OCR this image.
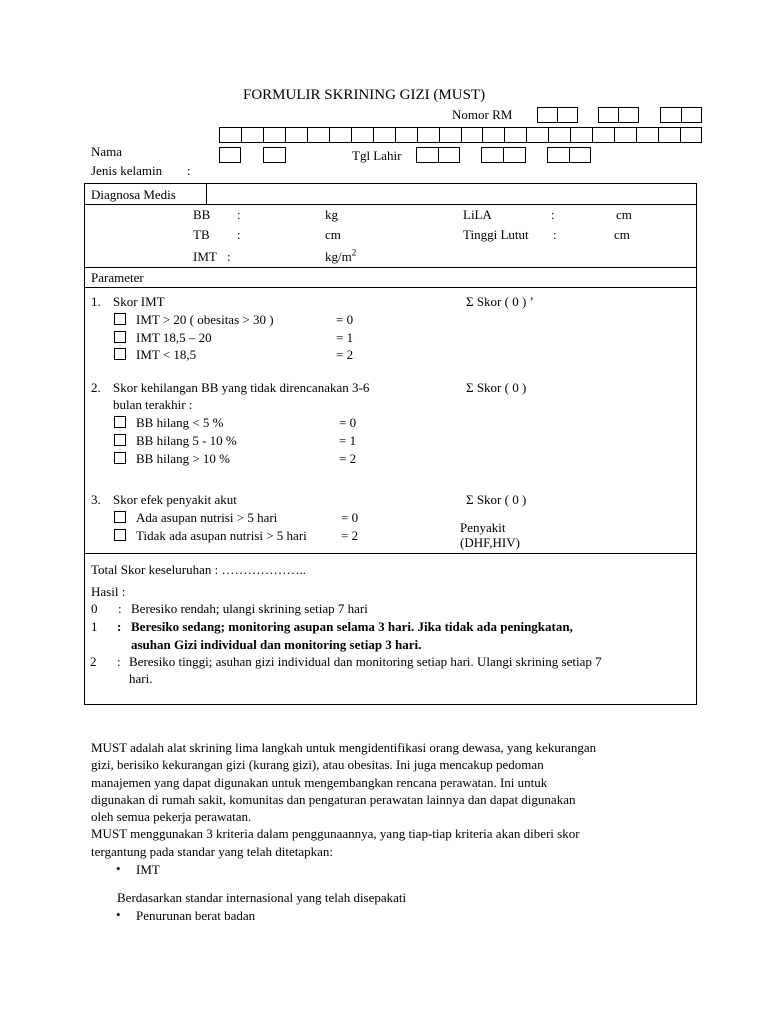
FORMULIR SKRINING GIZI (MUST)
Nomor RM
Nama
Jenis kelamin :
Tgl Lahir
Diagnosa Medis
BB :	kg	LiLA	:	cm
TB :	cm	Tinggi Lutut :	cm
IMT :	$kg/m^2$
Parameter
1. Skor IMT	Σ Skor ( 0 ) ’
IMT > 20 ( obesitas > 30 )	= 0
IMT 18,5 – 20	= 1
IMT < 18,5	= 2
2. Skor kehilangan BB yang tidak direncanakan 3-6
bulan terakhir :
Σ Skor ( 0 )
BB hilang < 5 %	= 0
BB hilang 5 - 10 %	= 1
BB hilang > 10 %	= 2
3. Skor efek penyakit akut	Σ Skor ( 0 )
Penyakit
(DHF,HIV)
Ada asupan nutrisi > 5 hari	= 0
Tidak ada asupan nutrisi > 5 hari	= 2
Total Skor keseluruhan : ………………..
Hasil :
0 : Beresiko rendah; ulangi skrining setiap 7 hari
1 : Beresiko sedang; monitoring asupan selama 3 hari. Jika tidak ada peningkatan,
asuhan Gizi individual dan monitoring setiap 3 hari.
2 : Beresiko tinggi; asuhan gizi individual dan monitoring setiap hari. Ulangi skrining setiap 7
hari.
MUST adalah alat skrining lima langkah untuk mengidentifikasi orang dewasa, yang kekurangan
gizi, berisiko kekurangan gizi (kurang gizi), atau obesitas. Ini juga mencakup pedoman
manajemen yang dapat digunakan untuk mengembangkan rencana perawatan. Ini untuk
digunakan di rumah sakit, komunitas dan pengaturan perawatan lainnya dan dapat digunakan
oleh semua pekerja perawatan.
MUST menggunakan 3 kriteria dalam penggunaannya, yang tiap-tiap kriteria akan diberi skor
tergantung pada standar yang telah ditetapkan:
• IMT
Berdasarkan standar internasional yang telah disepakati
• Penurunan berat badan
